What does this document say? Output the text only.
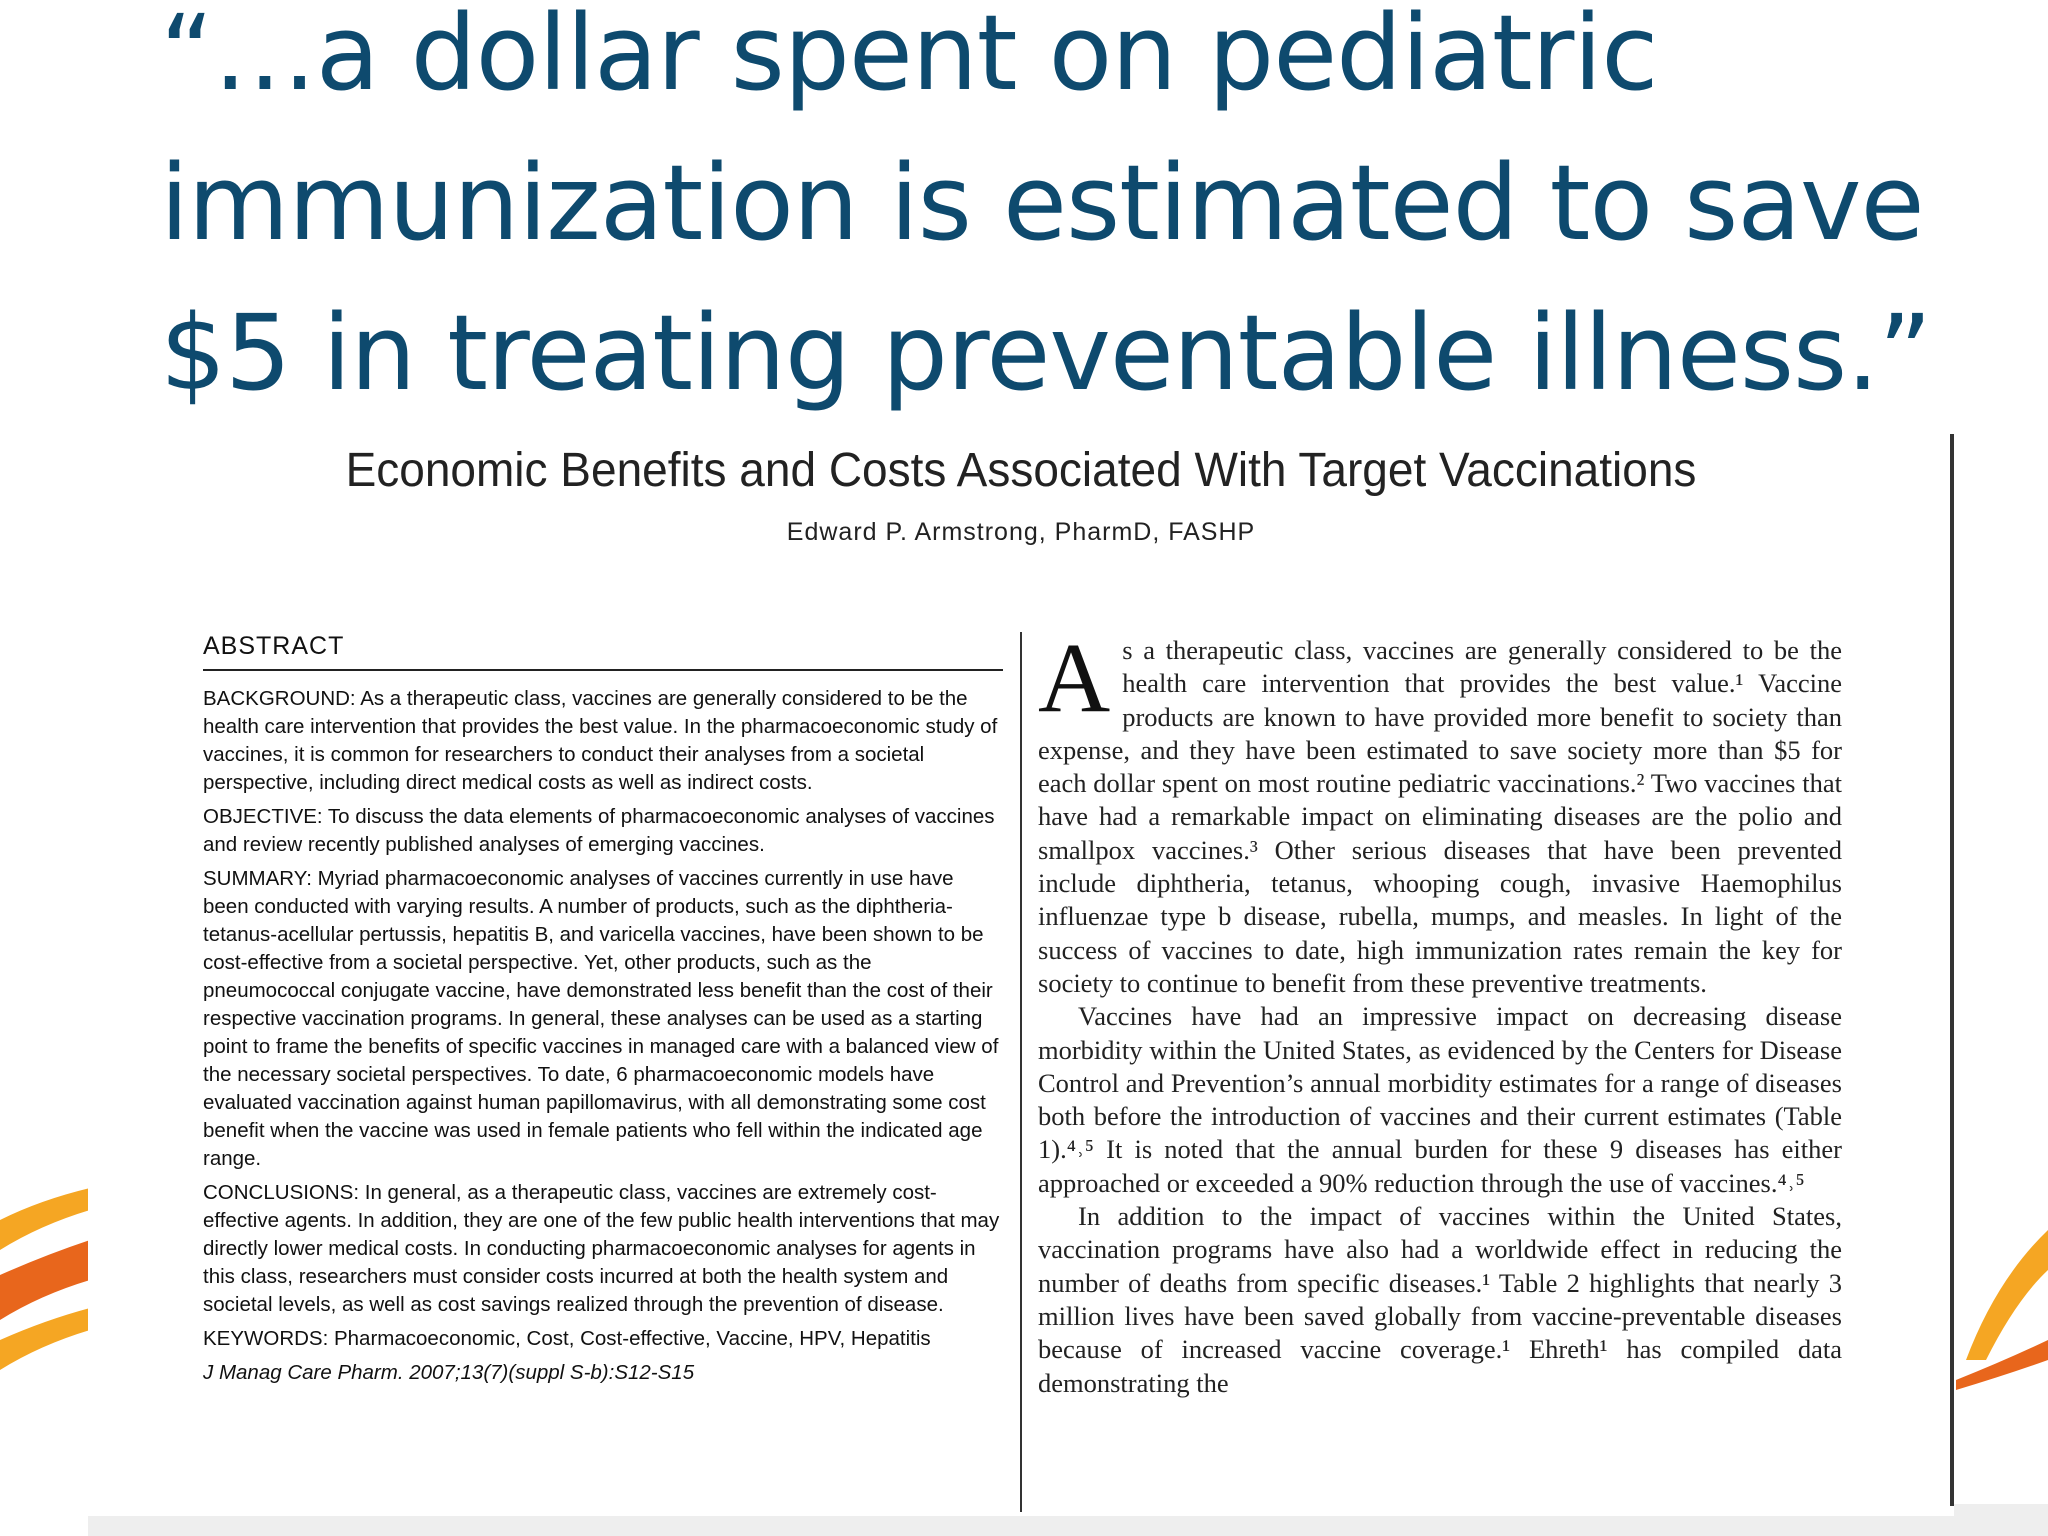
“…a dollar spent on pediatric immunization is estimated to save $5 in treating preventable illness.”
Economic Benefits and Costs Associated With Target Vaccinations
Edward P. Armstrong, PharmD, FASHP
ABSTRACT

BACKGROUND: As a therapeutic class, vaccines are generally considered to be the health care intervention that provides the best value. In the pharmacoeconomic study of vaccines, it is common for researchers to conduct their analyses from a societal perspective, including direct medical costs as well as indirect costs.

OBJECTIVE: To discuss the data elements of pharmacoeconomic analyses of vaccines and review recently published analyses of emerging vaccines.

SUMMARY: Myriad pharmacoeconomic analyses of vaccines currently in use have been conducted with varying results. A number of products, such as the diphtheria-tetanus-acellular pertussis, hepatitis B, and varicella vaccines, have been shown to be cost-effective from a societal perspective. Yet, other products, such as the pneumococcal conjugate vaccine, have demonstrated less benefit than the cost of their respective vaccination programs. In general, these analyses can be used as a starting point to frame the benefits of specific vaccines in managed care with a balanced view of the necessary societal perspectives. To date, 6 pharmacoeconomic models have evaluated vaccination against human papillomavirus, with all demonstrating some cost benefit when the vaccine was used in female patients who fell within the indicated age range.

CONCLUSIONS: In general, as a therapeutic class, vaccines are extremely cost-effective agents. In addition, they are one of the few public health interventions that may directly lower medical costs. In conducting pharmacoeconomic analyses for agents in this class, researchers must consider costs incurred at both the health system and societal levels, as well as cost savings realized through the prevention of disease.

KEYWORDS: Pharmacoeconomic, Cost, Cost-effective, Vaccine, HPV, Hepatitis

J Manag Care Pharm. 2007;13(7)(suppl S-b):S12-S15

As a therapeutic class, vaccines are generally considered to be the health care intervention that provides the best value.¹ Vaccine products are known to have provided more benefit to society than expense, and they have been estimated to save society more than $5 for each dollar spent on most routine pediatric vaccinations.² Two vaccines that have had a remarkable impact on eliminating diseases are the polio and smallpox vaccines.³ Other serious diseases that have been prevented include diphtheria, tetanus, whooping cough, invasive Haemophilus influenzae type b disease, rubella, mumps, and measles. In light of the success of vaccines to date, high immunization rates remain the key for society to continue to benefit from these preventive treatments.

Vaccines have had an impressive impact on decreasing disease morbidity within the United States, as evidenced by the Centers for Disease Control and Prevention’s annual morbidity estimates for a range of diseases both before the introduction of vaccines and their current estimates (Table 1).⁴˒⁵ It is noted that the annual burden for these 9 diseases has either approached or exceeded a 90% reduction through the use of vaccines.⁴˒⁵

In addition to the impact of vaccines within the United States, vaccination programs have also had a worldwide effect in reducing the number of deaths from specific diseases.¹ Table 2 highlights that nearly 3 million lives have been saved globally from vaccine-preventable diseases because of increased vaccine coverage.¹ Ehreth¹ has compiled data demonstrating the
